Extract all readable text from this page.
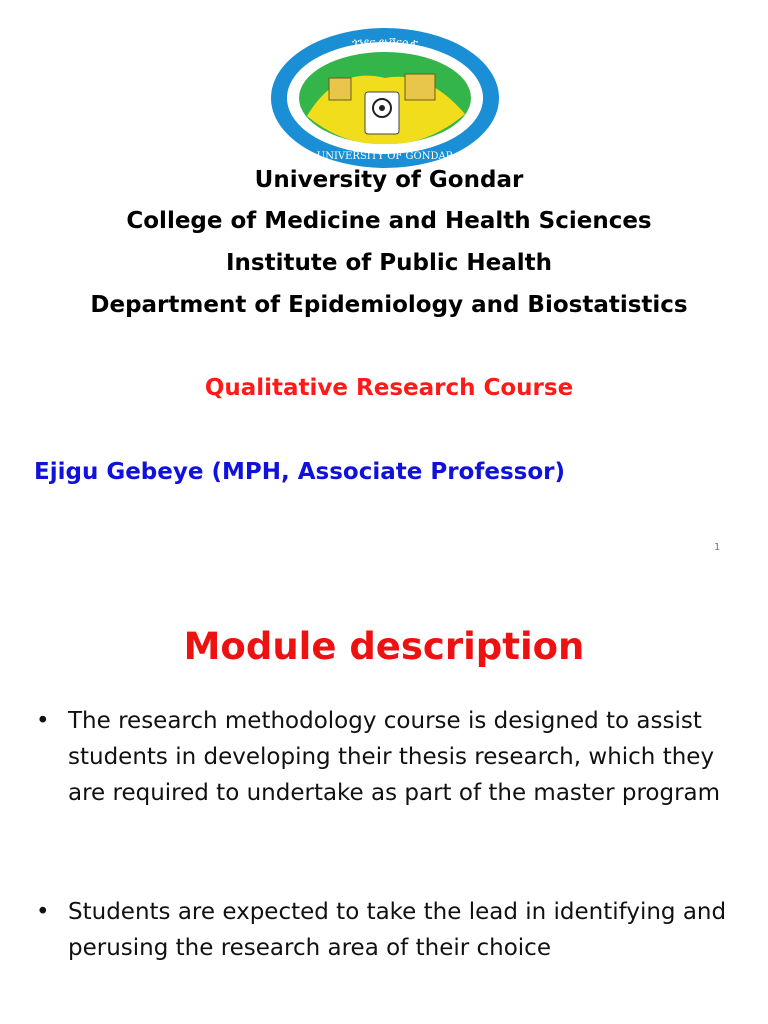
ጎንደር ዩኒቨርሲቲ
UNIVERSITY OF GONDAR
University of Gondar
College of Medicine and Health Sciences
Institute of Public Health
Department of Epidemiology and Biostatistics
Qualitative Research Course
Ejigu Gebeye (MPH, Associate Professor)
1
Module description
• The research methodology course is designed to assist students in developing their thesis research, which they are required to undertake as part of the master program
• Students are expected to take the lead in identifying and perusing the research area of their choice
